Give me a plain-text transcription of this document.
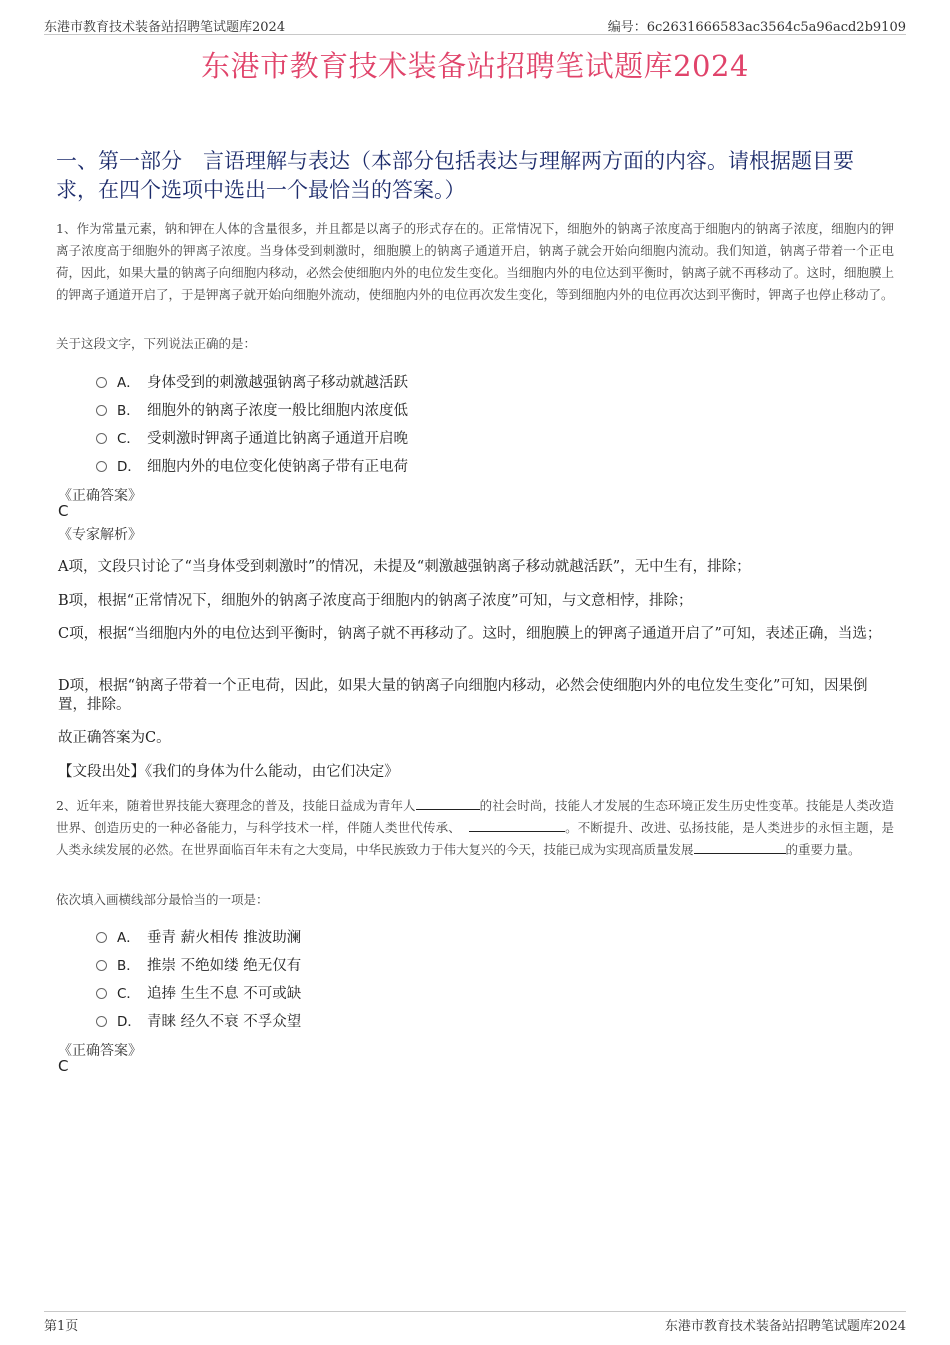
东港市教育技术装备站招聘笔试题库2024	编号：6c2631666583ac3564c5a96acd2b9109
东港市教育技术装备站招聘笔试题库2024
一、第一部分　言语理解与表达（本部分包括表达与理解两方面的内容。请根据题目要求，在四个选项中选出一个最恰当的答案。）
1、作为常量元素，钠和钾在人体的含量很多，并且都是以离子的形式存在的。正常情况下，细胞外的钠离子浓度高于细胞内的钠离子浓度，细胞内的钾离子浓度高于细胞外的钾离子浓度。当身体受到刺激时，细胞膜上的钠离子通道开启，钠离子就会开始向细胞内流动。我们知道，钠离子带着一个正电荷，因此，如果大量的钠离子向细胞内移动，必然会使细胞内外的电位发生变化。当细胞内外的电位达到平衡时，钠离子就不再移动了。这时，细胞膜上的钾离子通道开启了，于是钾离子就开始向细胞外流动，使细胞内外的电位再次发生变化，等到细胞内外的电位再次达到平衡时，钾离子也停止移动了。
关于这段文字，下列说法正确的是：
A． 身体受到的刺激越强钠离子移动就越活跃
B． 细胞外的钠离子浓度一般比细胞内浓度低
C． 受刺激时钾离子通道比钠离子通道开启晚
D． 细胞内外的电位变化使钠离子带有正电荷
《正确答案》
C
《专家解析》
A项，文段只讨论了“当身体受到刺激时”的情况，未提及“刺激越强钠离子移动就越活跃”，无中生有，排除；
B项，根据“正常情况下，细胞外的钠离子浓度高于细胞内的钠离子浓度”可知，与文意相悖，排除；
C项，根据“当细胞内外的电位达到平衡时，钠离子就不再移动了。这时，细胞膜上的钾离子通道开启了”可知，表述正确，当选；
D项，根据“钠离子带着一个正电荷，因此，如果大量的钠离子向细胞内移动，必然会使细胞内外的电位发生变化”可知，因果倒置，排除。
故正确答案为C。
【文段出处】《我们的身体为什么能动，由它们决定》
2、近年来，随着世界技能大赛理念的普及，技能日益成为青年人	的社会时尚，技能人才发展的生态环境正发生历史性变革。技能是人类改造世界、创造历史的一种必备能力，与科学技术一样，伴随人类世代传承、	。不断提升、改进、弘扬技能，是人类进步的永恒主题，是人类永续发展的必然。在世界面临百年未有之大变局，中华民族致力于伟大复兴的今天，技能已成为实现高质量发展	的重要力量。
依次填入画横线部分最恰当的一项是：
A． 垂青 薪火相传 推波助澜
B． 推崇 不绝如缕 绝无仅有
C． 追捧 生生不息 不可或缺
D． 青睐 经久不衰 不孚众望
《正确答案》
C
第1页	东港市教育技术装备站招聘笔试题库2024
